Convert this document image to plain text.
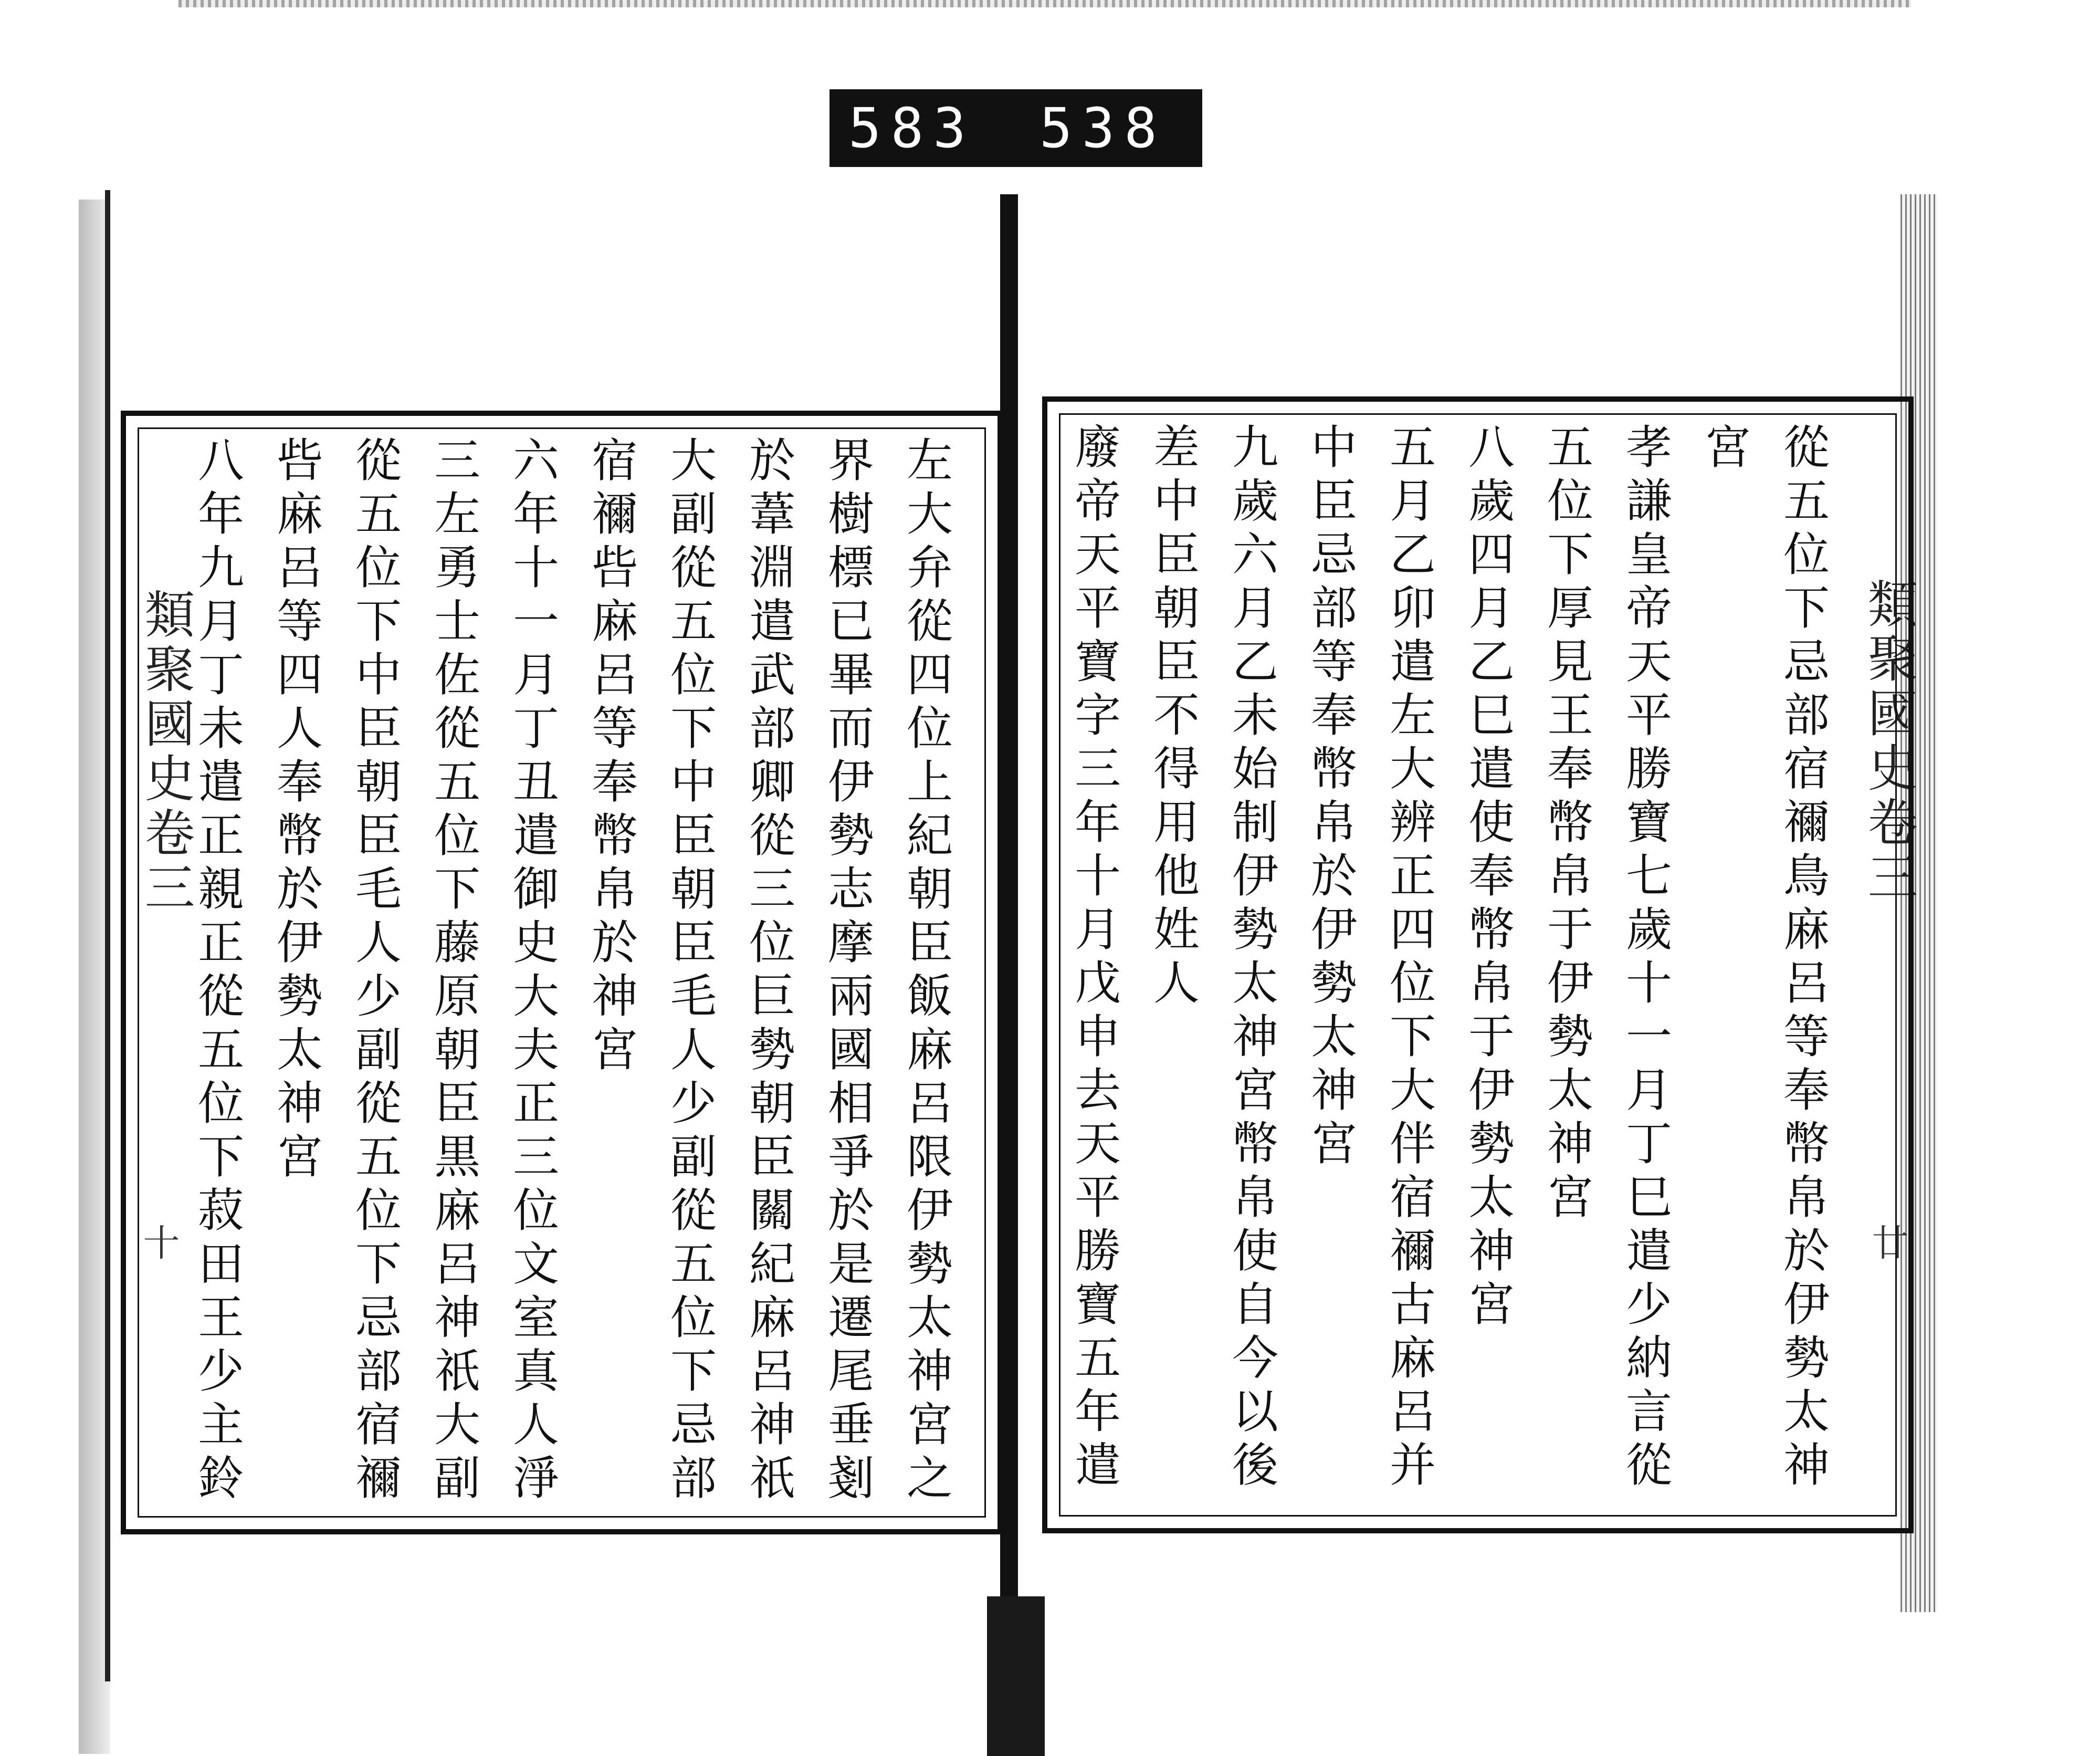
583 538
類聚國史卷三
十	左大弁從四位上紀朝臣飯麻呂限伊勢太神宮之
界樹標已畢而伊勢志摩兩國相爭於是遷尾垂剗
於葦淵遣武部卿從三位巨勢朝臣關紀麻呂神祇
大副從五位下中臣朝臣毛人少副從五位下忌部
宿禰呰麻呂等奉幣帛於神宮
六年十一月丁丑遣御史大夫正三位文室真人淨
三左勇士佐從五位下藤原朝臣黒麻呂神祇大副
從五位下中臣朝臣毛人少副從五位下忌部宿禰
呰麻呂等四人奉幣於伊勢太神宮
八年九月丁未遣正親正從五位下菽田王少主鈴	類聚國史卷三
廿
從五位下忌部宿禰鳥麻呂等奉幣帛於伊勢太神
宮
孝謙皇帝天平勝寶七歲十一月丁巳遣少納言從
五位下厚見王奉幣帛于伊勢太神宮
八歲四月乙巳遣使奉幣帛于伊勢太神宮
五月乙卯遣左大辨正四位下大伴宿禰古麻呂并
中臣忌部等奉幣帛於伊勢太神宮
九歲六月乙未始制伊勢太神宮幣帛使自今以後
差中臣朝臣不得用他姓人
廢帝天平寶字三年十月戊申去天平勝寶五年遣
